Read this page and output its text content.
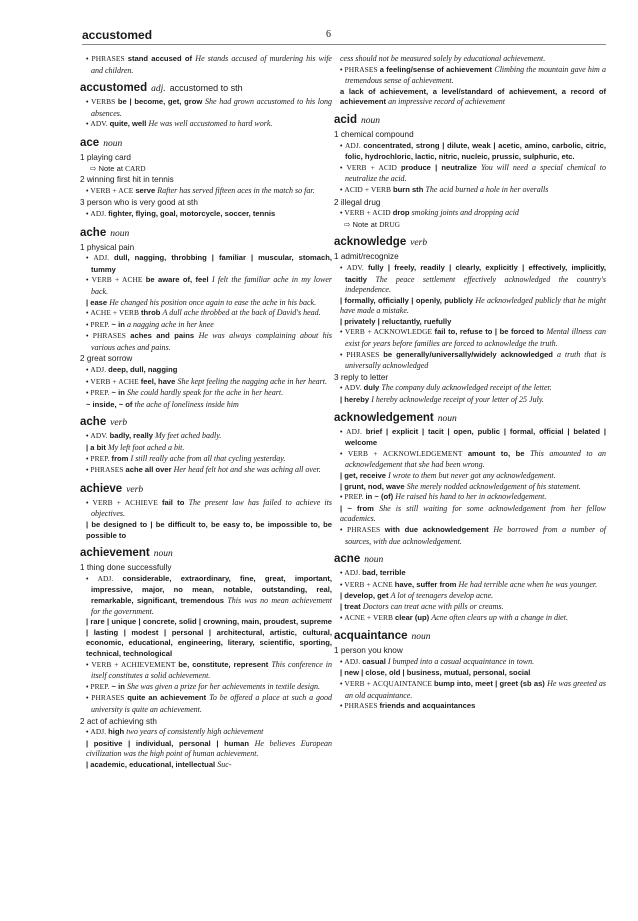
accustomed	6
• PHRASES stand accused of He stands accused of murdering his wife and children.
accustomed adj. accustomed to sth
• VERBS be | become, get, grow She had grown accustomed to his long absences.
• ADV. quite, well He was well accustomed to hard work.
ace noun
1 playing card
⇨ Note at CARD
2 winning first hit in tennis
• VERB + ACE serve Rafter has served fifteen aces in the match so far.
3 person who is very good at sth
• ADJ. fighter, flying, goal, motorcycle, soccer, tennis
ache noun
1 physical pain
• ADJ. dull, nagging, throbbing | familiar | muscular, stomach, tummy
• VERB + ACHE be aware of, feel I felt the familiar ache in my lower back.
| ease He changed his position once again to ease the ache in his back.
• ACHE + VERB throb A dull ache throbbed at the back of David's head.
• PREP. ~ in a nagging ache in her knee
• PHRASES aches and pains He was always complaining about his various aches and pains.
2 great sorrow
• ADJ. deep, dull, nagging
• VERB + ACHE feel, have She kept feeling the nagging ache in her heart.
• PREP. ~ in She could hardly speak for the ache in her heart.
~ inside, ~ of the ache of loneliness inside him
ache verb
• ADV. badly, really My feet ached badly.
| a bit My left foot ached a bit.
• PREP. from I still really ache from all that cycling yesterday.
• PHRASES ache all over Her head felt hot and she was aching all over.
achieve verb
• VERB + ACHIEVE fail to The present law has failed to achieve its objectives.
| be designed to | be difficult to, be easy to, be impossible to, be possible to
achievement noun
1 thing done successfully
• ADJ. considerable, extraordinary, fine, great, important, impressive, major, no mean, notable, outstanding, real, remarkable, significant, tremendous This was no mean achievement for the government.
| rare | unique | concrete, solid | crowning, main, proudest, supreme | lasting | modest | personal | architectural, artistic, cultural, economic, educational, engineering, literary, scientific, sporting, technical, technological
• VERB + ACHIEVEMENT be, constitute, represent This conference in itself constitutes a solid achievement.
• PREP. ~ in She was given a prize for her achievements in textile design.
• PHRASES quite an achievement To be offered a place at such a good university is quite an achievement.
2 act of achieving sth
• ADJ. high two years of consistently high achievement
| positive | individual, personal | human He believes European civilization was the high point of human achievement.
| academic, educational, intellectual Suc-
cess should not be measured solely by educational achievement.
• PHRASES a feeling/sense of achievement Climbing the mountain gave him a tremendous sense of achievement.
a lack of achievement, a level/standard of achievement, a record of achievement an impressive record of achievement
acid noun
1 chemical compound
• ADJ. concentrated, strong | dilute, weak | acetic, amino, carbolic, citric, folic, hydrochloric, lactic, nitric, nucleic, prussic, sulphuric, etc.
• VERB + ACID produce | neutralize You will need a special chemical to neutralize the acid.
• ACID + VERB burn sth The acid burned a hole in her overalls
2 illegal drug
• VERB + ACID drop smoking joints and dropping acid
⇨ Note at DRUG
acknowledge verb
1 admit/recognize
• ADV. fully | freely, readily | clearly, explicitly | effectively, implicitly, tacitly The peace settlement effectively acknowledged the country's independence.
| formally, officially | openly, publicly He acknowledged publicly that he might have made a mistake.
| privately | reluctantly, ruefully
• VERB + ACKNOWLEDGE fail to, refuse to | be forced to Mental illness can exist for years before families are forced to acknowledge the truth.
• PHRASES be generally/universally/widely acknowledged a truth that is universally acknowledged
3 reply to letter
• ADV. duly The company duly acknowledged receipt of the letter.
| hereby I hereby acknowledge receipt of your letter of 25 July.
acknowledgement noun
• ADJ. brief | explicit | tacit | open, public | formal, official | belated | welcome
• VERB + ACKNOWLEDGEMENT amount to, be This amounted to an acknowledgement that she had been wrong.
| get, receive I wrote to them but never got any acknowledgement.
| grunt, nod, wave She merely nodded acknowledgement of his statement.
• PREP. in ~ (of) He raised his hand to her in acknowledgement.
| ~ from She is still waiting for some acknowledgement from her fellow academics.
• PHRASES with due acknowledgement He borrowed from a number of sources, with due acknowledgement.
acne noun
• ADJ. bad, terrible
• VERB + ACNE have, suffer from He had terrible acne when he was younger.
| develop, get A lot of teenagers develop acne.
| treat Doctors can treat acne with pills or creams.
• ACNE + VERB clear (up) Acne often clears up with a change in diet.
acquaintance noun
1 person you know
• ADJ. casual I bumped into a casual acquaintance in town.
| new | close, old | business, mutual, personal, social
• VERB + ACQUAINTANCE bump into, meet | greet (sb as) He was greeted as an old acquaintance.
• PHRASES friends and acquaintances
